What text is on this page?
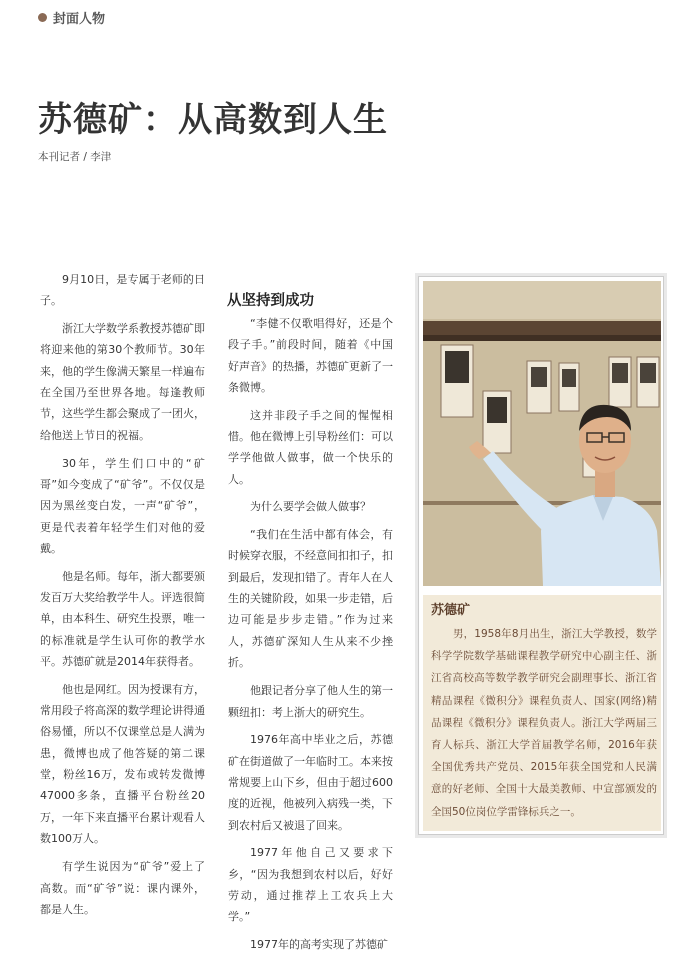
封面人物
苏德矿：从高数到人生
本刊记者 / 李津

9月10日，是专属于老师的日子。

浙江大学数学系教授苏德矿即将迎来他的第30个教师节。30年来，他的学生像满天繁星一样遍布在全国乃至世界各地。每逢教师节，这些学生都会聚成了一团火，给他送上节日的祝福。

30年，学生们口中的“矿哥”如今变成了“矿爷”。不仅仅是因为黑丝变白发，一声“矿爷”，更是代表着年轻学生们对他的爱戴。

他是名师。每年，浙大都要颁发百万大奖给教学牛人。评选很简单，由本科生、研究生投票，唯一的标准就是学生认可你的教学水平。苏德矿就是2014年获得者。

他也是网红。因为授课有方，常用段子将高深的数学理论讲得通俗易懂，所以不仅课堂总是人满为患，微博也成了他答疑的第二课堂，粉丝16万，发布或转发微博47000多条，直播平台粉丝20万，一年下来直播平台累计观看人数100万人。

有学生说因为“矿爷”爱上了高数。而“矿爷”说：课内课外，都是人生。

从坚持到成功

“李健不仅歌唱得好，还是个段子手。”前段时间，随着《中国好声音》的热播，苏德矿更新了一条微博。

这并非段子手之间的惺惺相惜。他在微博上引导粉丝们：可以学学他做人做事，做一个快乐的人。

为什么要学会做人做事？

“我们在生活中都有体会，有时候穿衣服，不经意间扣扣子，扣到最后，发现扣错了。青年人在人生的关键阶段，如果一步走错，后边可能是步步走错。”作为过来人，苏德矿深知人生从来不少挫折。

他跟记者分享了他人生的第一颗纽扣：考上浙大的研究生。

1976年高中毕业之后，苏德矿在街道做了一年临时工。本来按常规要上山下乡，但由于超过600度的近视，他被列入病残一类，下到农村后又被退了回来。

1977年他自己又要求下乡，“因为我想到农村以后，好好劳动，通过推荐上工农兵上大学。”

1977年的高考实现了苏德矿

苏德矿
男，1958年8月出生，浙江大学教授，数学科学学院数学基础课程教学研究中心副主任、浙江省高校高等数学教学研究会副理事长、浙江省精品课程《微积分》课程负责人、国家(网络)精品课程《微积分》课程负责人。浙江大学两届三育人标兵、浙江大学首届教学名师，2016年获全国优秀共产党员、2015年获全国党和人民满意的好老师、全国十大最美教师、中宣部颁发的全国50位岗位学雷锋标兵之一。
